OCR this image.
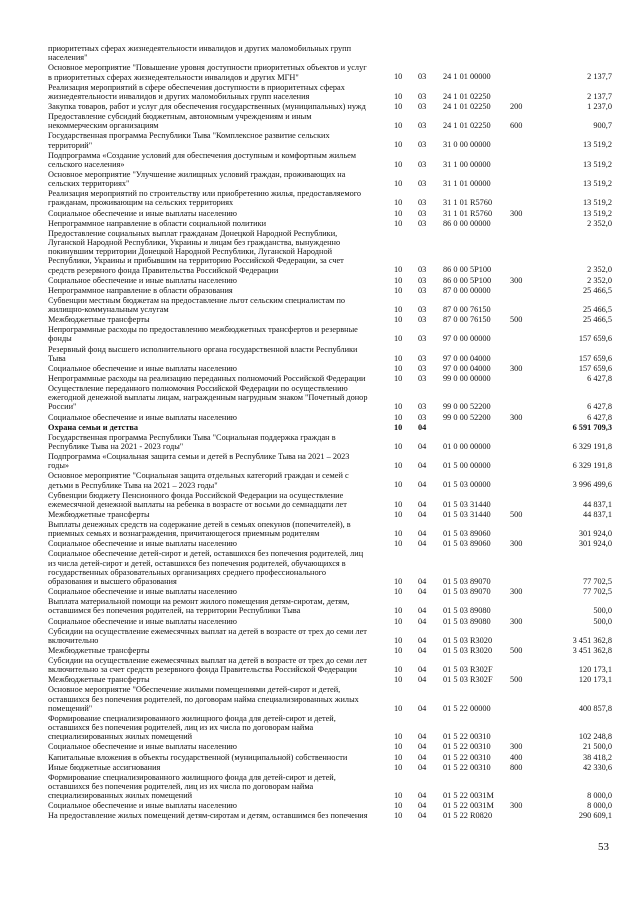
приоритетных сферах жизнедеятельности инвалидов и других маломобильных групп
населения"
Основное мероприятие "Повышение уровня доступности приоритетных объектов и услуг
в приоритетных сферах жизнедеятельности инвалидов и других МГН"	10	03	24 1 01 00000	2 137,7
Реализация мероприятий в сфере обеспечения доступности в приоритетных сферах
жизнедеятельности инвалидов и других маломобильных групп населения	10	03	24 1 01 02250	2 137,7
Закупка товаров, работ и услуг для обеспечения государственных (муниципальных) нужд	10	03	24 1 01 02250	200	1 237,0
Предоставление субсидий бюджетным, автономным учреждениям и иным
некоммерческим организациям	10	03	24 1 01 02250	600	900,7
Государственная программа Республики Тыва "Комплексное развитие сельских
территорий"	10	03	31 0 00 00000	13 519,2
Подпрограмма «Создание условий для обеспечения доступным и комфортным жильем
сельского населения»	10	03	31 1 00 00000	13 519,2
Основное мероприятие "Улучшение жилищных условий граждан, проживающих на
сельских территориях"	10	03	31 1 01 00000	13 519,2
Реализация мероприятий по строительству или приобретению жилья, предоставляемого
гражданам, проживающим на сельских территориях	10	03	31 1 01 R5760	13 519,2
Социальное обеспечение и иные выплаты населению	10	03	31 1 01 R5760	300	13 519,2
Непрограммное направление в области социальной политики	10	03	86 0 00 00000	2 352,0
Предоставление социальных выплат гражданам Донецкой Народной Республики,
Луганской Народной Республики, Украины и лицам без гражданства, вынужденно
покинувшим территории Донецкой Народной Республики, Луганской Народной
Республики, Украины и прибывшим на территорию Российской Федерации, за счет
средств резервного фонда Правительства Российской Федерации	10	03	86 0 00 5Р100	2 352,0
Социальное обеспечение и иные выплаты населению	10	03	86 0 00 5Р100	300	2 352,0
Непрограммное направление в области образования	10	03	87 0 00 00000	25 466,5
Субвенции местным бюджетам на предоставление льгот сельским специалистам по
жилищно-коммунальным услугам	10	03	87 0 00 76150	25 466,5
Межбюджетные трансферты	10	03	87 0 00 76150	500	25 466,5
Непрограммные расходы по предоставлению межбюджетных трансфертов и резервные
фонды	10	03	97 0 00 00000	157 659,6
Резервный фонд высшего исполнительного органа государственной власти Республики
Тыва	10	03	97 0 00 04000	157 659,6
Социальное обеспечение и иные выплаты населению	10	03	97 0 00 04000	300	157 659,6
Непрограммные расходы на реализацию переданных полномочий Российской Федерации	10	03	99 0 00 00000	6 427,8
Осуществление переданного полномочия Российской Федерации по осуществлению
ежегодной денежной выплаты лицам, награжденным нагрудным знаком "Почетный донор
России"	10	03	99 0 00 52200	6 427,8
Социальное обеспечение и иные выплаты населению	10	03	99 0 00 52200	300	6 427,8
Охрана семьи и детства	10	04	6 591 709,3
Государственная программа Республики Тыва "Социальная поддержка граждан в
Республике Тыва на 2021 - 2023 годы"	10	04	01 0 00 00000	6 329 191,8
Подпрограмма «Социальная защита семьи и детей в Республике Тыва на 2021 – 2023
годы»	10	04	01 5 00 00000	6 329 191,8
Основное мероприятие "Социальная защита отдельных категорий граждан и семей с
детьми в Республике Тыва на 2021 – 2023 годы"	10	04	01 5 03 00000	3 996 499,6
Субвенции бюджету Пенсионного фонда Российской Федерации на осуществление
ежемесячной денежной выплаты на ребенка в возрасте от восьми до семнадцати лет	10	04	01 5 03 31440	44 837,1
Межбюджетные трансферты	10	04	01 5 03 31440	500	44 837,1
Выплаты денежных средств на содержание детей в семьях опекунов (попечителей), в
приемных семьях и вознаграждения, причитающегося приемным родителям	10	04	01 5 03 89060	301 924,0
Социальное обеспечение и иные выплаты населению	10	04	01 5 03 89060	300	301 924,0
Социальное обеспечение детей-сирот и детей, оставшихся без попечения родителей, лиц
из числа детей-сирот и детей, оставшихся без попечения родителей, обучающихся в
государственных образовательных организациях среднего профессионального
образования и высшего образования	10	04	01 5 03 89070	77 702,5
Социальное обеспечение и иные выплаты населению	10	04	01 5 03 89070	300	77 702,5
Выплата материальной помощи на ремонт жилого помещения детям-сиротам, детям,
оставшимся без попечения родителей, на территории Республики Тыва	10	04	01 5 03 89080	500,0
Социальное обеспечение и иные выплаты населению	10	04	01 5 03 89080	300	500,0
Субсидии на осуществление ежемесячных выплат на детей в возрасте от трех до семи лет
включительно	10	04	01 5 03 R3020	3 451 362,8
Межбюджетные трансферты	10	04	01 5 03 R3020	500	3 451 362,8
Субсидии на осуществление ежемесячных выплат на детей в возрасте от трех до семи лет
включительно за счет средств резервного фонда Правительства Российской Федерации	10	04	01 5 03 R302F	120 173,1
Межбюджетные трансферты	10	04	01 5 03 R302F	500	120 173,1
Основное мероприятие "Обеспечение жилыми помещениями детей-сирот и детей,
оставшихся без попечения родителей, по договорам найма специализированных жилых
помещений"	10	04	01 5 22 00000	400 857,8
Формирование специализированного жилищного фонда для детей-сирот и детей,
оставшихся без попечения родителей, лиц из их числа по договорам найма
специализированных жилых помещений	10	04	01 5 22 00310	102 248,8
Социальное обеспечение и иные выплаты населению	10	04	01 5 22 00310	300	21 500,0
Капитальные вложения в объекты государственной (муниципальной) собственности	10	04	01 5 22 00310	400	38 418,2
Иные бюджетные ассигнования	10	04	01 5 22 00310	800	42 330,6
Формирование специализированного жилищного фонда для детей-сирот и детей,
оставшихся без попечения родителей, лиц из их числа по договорам найма
специализированных жилых помещений	10	04	01 5 22 0031М	8 000,0
Социальное обеспечение и иные выплаты населению	10	04	01 5 22 0031М	300	8 000,0
На предоставление жилых помещений детям-сиротам и детям, оставшимся без попечения	10	04	01 5 22 R0820	290 609,1
53
